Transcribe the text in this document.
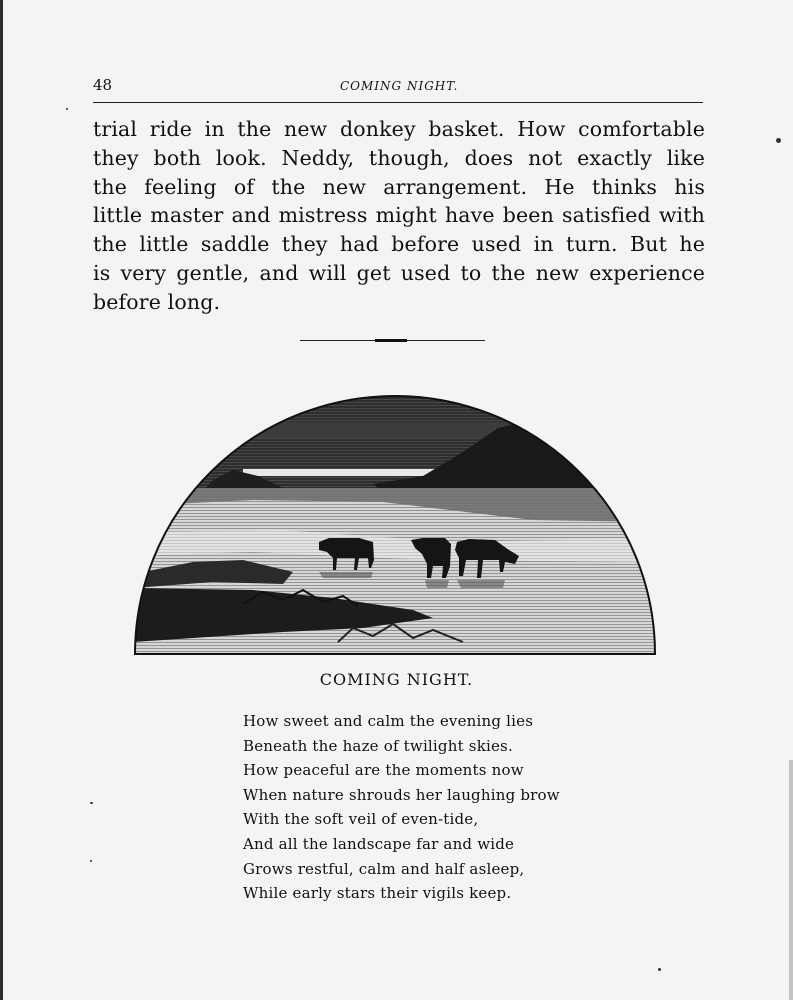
48	COMING NIGHT.
trial ride in the new donkey basket. How comfortable
they both look. Neddy, though, does not exactly like
the feeling of the new arrangement. He thinks his
little master and mistress might have been satisfied with
the little saddle they had before used in turn. But he
is very gentle, and will get used to the new experience
before long.
COMING NIGHT.
How sweet and calm the evening lies
Beneath the haze of twilight skies.
How peaceful are the moments now
When nature shrouds her laughing brow
With the soft veil of even-tide,
And all the landscape far and wide
Grows restful, calm and half asleep,
While early stars their vigils keep.
